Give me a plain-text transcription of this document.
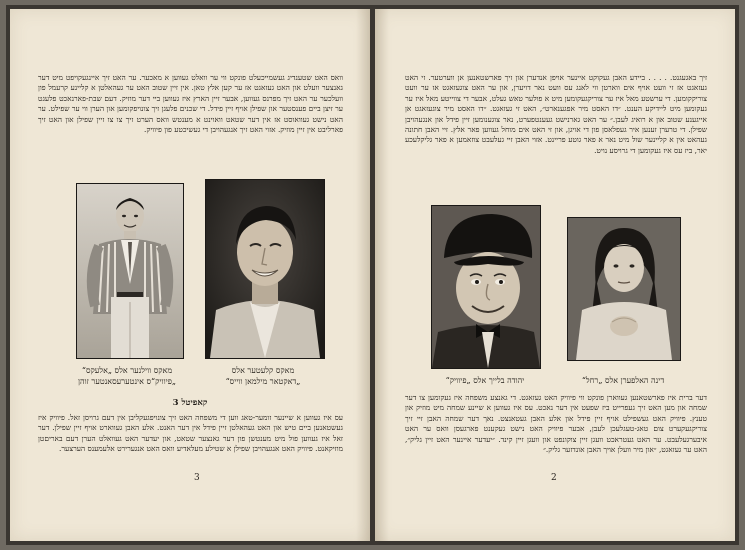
וואס האט שטענדיג געשמייכעלט פונקט ווי ער וואלט געווען א מאכער. ער האט זיך איינגעקויפט מיט דער גאנצער וועלט און האט געזאגט אז ער קען אלץ טאן. אין זיין שטוב האט ער געהאלטן א קליינע קרעמל פון וועלכער ער האט זיך מפרנס געווען, אבער זיין הארץ איז געווען ביי דער מוזיק. דעם שבת-פארנאכט פלעגט ער זיצן ביים פענסטער און שפילן אויף זיין פידל. די שכנים פלעגן זיך צונויפקומען און הערן ווי ער שפילט. ער האט נישט געוואוסט אז אין דער שטאט וואוינט א מענטש וואס הערט זיך צו צו זיין שפילן און האט זיך פארליבט אין זיין מוזיק. אזוי האט זיך אנגעהויבן די געשיכטע פון פיוויק.

מאקס ווילנער אלס „אלעקס“

„פיוויק“ס אינטערעסאנטער זוהן

מאקס קלעטער אלס

„דאקטאר מילמאן ווייס“

קאפיטל 3

עס איז געווען א שיינער זומער-טאג ווען די משפחה האט זיך צונויפגעקליבן אין דעם גרויסן זאל. פיוויק איז געשטאנען ביים טיש און האט געהאלטן זיין פידל אין דער האנט. אלע האבן געווארט אויף זיין שפילן. דער זאל איז געווען פול מיט מענטשן פון דער גאנצער שטאט, און יעדער האט געוואלט הערן דעם באריםטן מוזיקאנט. פיוויק האט אנגעהויבן שפילן א שטילע מעלאדיע וואס האט אנגערירט אלעמענס הערצער.

3

זיך באגעגנט. . . . . ביידע האבן געקוקט איינער אויפן אנדערן און זיך פארשטאנען אן ווערטער. זי האט געזאגט אז זי וועט אויף אים ווארטן ווי לאנג עס וועט נאר דויערן, און ער האט צוגעזאגט אז ער וועט צוריקקומען. די ערשטע מאל איז ער צוריקגעקומען מיט א פולער טאש געלט, אבער די צווייטע מאל איז ער געקומען מיט ליידיקע הענט. ״דו האסט מיר אפגענארט״, האט זי געזאגט. ״דו האסט מיר צוגעזאגט אן אייגענע שטוב און א רואיג לעבן.״ ער האט גארנישט געענטפערט, נאר צוגענומען זיין פידל און אנגעהויבן שפילן. די טרערן זענען איר געפלאסן פון די אויגן, און זי האט אים מוחל געווען פאר אלץ. זיי האבן חתונה געהאט אין א קליינער שול מיט נאר א פאר גוטע פריינט. אזוי האבן זיי געלעבט צוזאמען א פאר גליקלעכע יאר, ביז עס איז געקומען די גרויסע נויט.

יהודה בלייך אלס „פיוויק“	דינה האלפערן אלס „רחל“

דער ברית איז פארשטאנען געווארן פונקט ווי פיוויק האט געזאגט. די גאנצע משפחה איז געקומען צו דער שמחה און מען האט זיך געפרייט ביז שפעט אין דער נאכט. עס איז געווען א שיינע שמחה מיט מוזיק און טענץ. פיוויק האט געשפילט אויף זיין פידל און אלע האבן געטאנצט. נאך דער שמחה האבן זיי זיך צוריקגעקערט צום טאג-טעגלעכן לעבן, אבער פיוויק האט נישט געקענט פארגעסן וואס ער האט איבערגעלעבט. ער האט געטראכט וועגן זיין צוקונפט און וועגן זיין קינד. ״יעדער איינער האט זיין גליק״, האט ער געזאגט, ״און מיר וועלן אויך האבן אונדזער גליק.״

2
